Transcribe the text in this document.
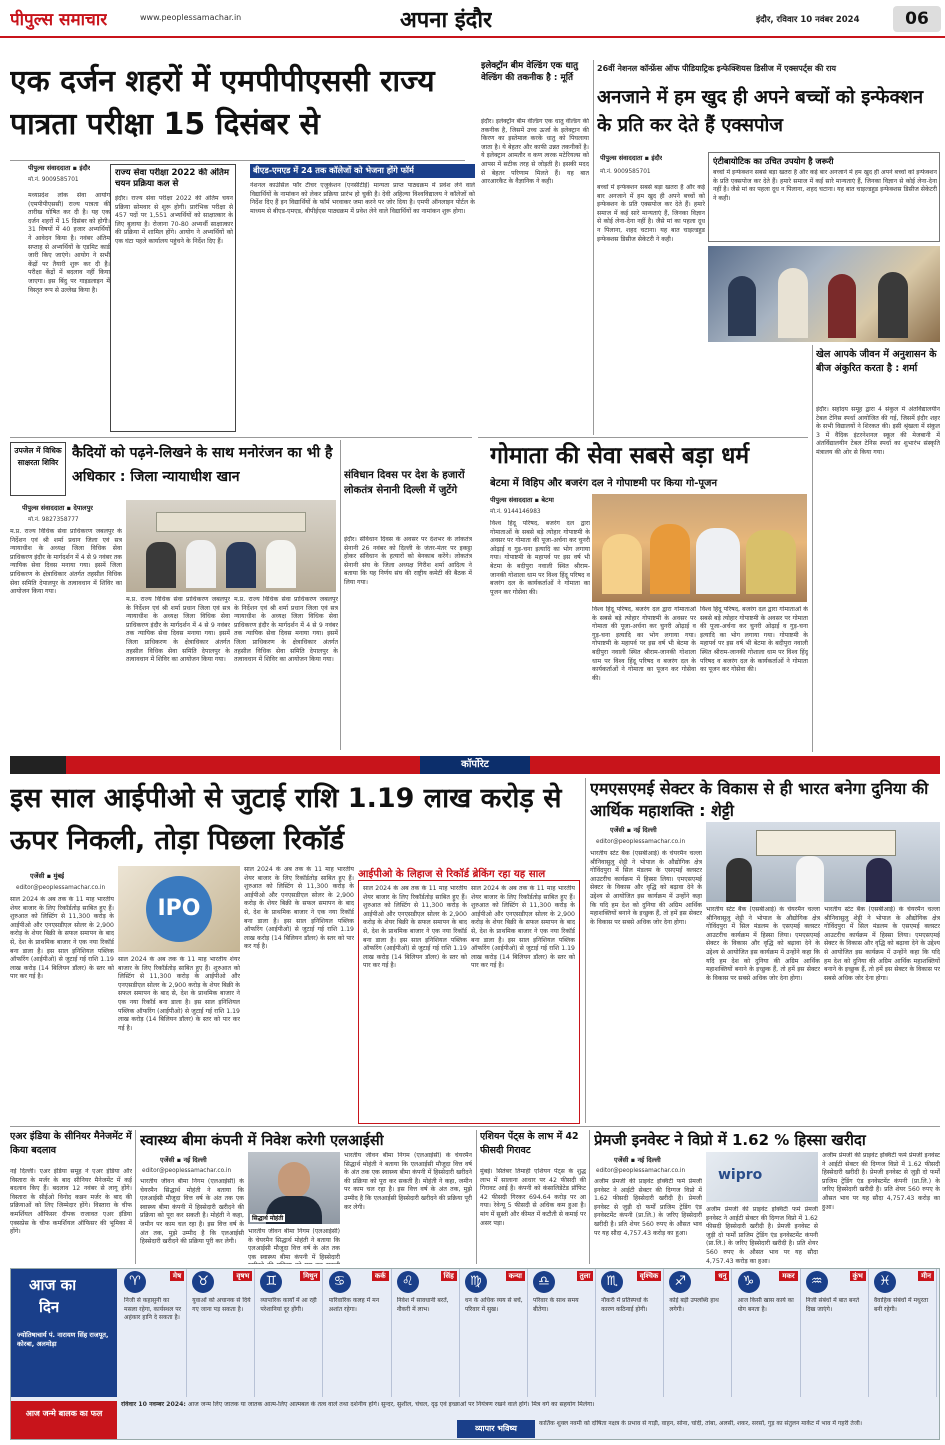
पीपुल्स समाचार	www.peoplessamachar.in	अपना इंदौर	इंदौर, रविवार 10 नवंबर 2024	06
एक दर्जन शहरों में एमपीपीएससी राज्य पात्रता परीक्षा 15 दिसंबर से
पीपुल्स संवाददाता ▪ इंदौर
मो.नं. 9009585701
मध्यप्रदेश लोक सेवा आयोग (एमपीपीएससी) राज्य पात्रता की तारीख घोषित कर दी है। यह एक दर्जन शहरों में 15 दिसंबर को होगी। 31 विषयों में 40 हजार अभ्यर्थियों ने आवेदन किया है। नवंबर अंतिम सप्ताह से अभ्यर्थियों के एडमिट कार्ड जारी किए जाएंगे। आयोग ने सभी केंद्रों पर तैयारी शुरू कर दी है। परीक्षा केंद्रों में बदलाव नहीं किया जाएगा। इस बिंदु पर गाइडलाइन में विस्तृत रूप से उल्लेख किया है।
राज्य सेवा परीक्षा 2022 की अंतिम चयन प्रक्रिया कल से
इंदौर। राज्य सेवा परीक्षा 2022 की अंतिम चयन प्रक्रिया सोमवार से शुरू होगी। प्रारंभिक परीक्षा से 457 पदों पर 1,551 अभ्यर्थियों को साक्षात्कार के लिए बुलाया है। रोजाना 70-80 अभ्यर्थी साक्षात्कार की प्रक्रिया में शामिल होंगे। आयोग ने अभ्यर्थियों को एक घंटा पहले कार्यालय पहुंचने के निर्देश दिए हैं।
बीएड-एमएड में 24 तक कॉलेजों को भेजना होंगे फॉर्म
नेशनल काउंसिल फॉर टीचर एजुकेशन (एनसीटीई) मान्यता प्राप्त पाठ्यक्रम में प्रवेश लेने वाले विद्यार्थियों के नामांकन को लेकर प्रक्रिया प्रारंभ हो चुकी है। देवी अहिल्या विश्वविद्यालय ने कॉलेजों को निर्देश दिए हैं इन विद्यार्थियों के फॉर्म भरवाकर जमा करने पर जोर दिया है। एमपी ऑनलाइन पोर्टल के माध्यम से बीएड-एमएड, बीपीईएस पाठ्यक्रम में प्रवेश लेने वाले विद्यार्थियों का नामांकन शुरू होगा।
इलेक्ट्रॉन बीम वेल्डिंग एक धातु वेल्डिंग की तकनीक है : मूर्ति
इंदौर। इलेक्ट्रॉन बीम वेल्डिंग एक धातु वेल्डिंग की तकनीक है, जिसमें उच्च ऊर्जा के इलेक्ट्रान की किरण का इस्तेमाल करके धातु को पिघलाया जाता है। ये बेहतर और काफी उन्नत तकनीकों है। ये इलेक्ट्रान आमतौर व कण त्वरक मटेरियल्स को आपस में सटीक तरह से जोड़ती है। इसकी मदद से बेहतर परिणाम मिलते हैं। यह बात आरआरकैट के वैज्ञानिक ने कही।
26वीं नेशनल कॉन्फ्रेंस ऑफ पीडियाट्रिक इन्फेक्शियस डिसीज में एक्सपर्ट्स की राय
अनजाने में हम खुद ही अपने बच्चों को इन्फेक्शन के प्रति कर देते हैं एक्सपोज
पीपुल्स संवाददाता ▪ इंदौर
मो.नं. 9009585701
बच्चों में इन्फेक्शन सबसे बड़ा खतरा है और कई बार अनजाने में हम खुद ही अपने बच्चों को इन्फेक्शन के प्रति एक्सपोज कर देते हैं। हमारे समाज में कई सारे मान्यताएं हैं, जिनका विज्ञान से कोई लेना-देना नहीं है। जैसे मां का पहला दूध न पिलाना, शहद चटाना। यह बात चाइल्डहुड इन्फेक्शस डिसीज सेकेटरी ने कही।
एंटीबायोटिक का उचित उपयोग है जरूरी
बच्चों में इन्फेक्शन सबसे बड़ा खतरा है और कई बार अनजाने में हम खुद ही अपने बच्चों को इन्फेक्शन के प्रति एक्सपोज कर देते हैं। हमारे समाज में कई सारे मान्यताएं हैं, जिनका विज्ञान से कोई लेना-देना नहीं है। जैसे मां का पहला दूध न पिलाना, शहद चटाना। यह बात चाइल्डहुड इन्फेक्शस डिसीज सेकेटरी ने कही।
गोमाता की सेवा सबसे बड़ा धर्म
बेटमा में विहिप और बजरंग दल ने गोपाष्टमी पर किया गो-पूजन
पीपुल्स संवाददाता ▪ बेटमा
मो.नं. 9144146983
विश्व हिंदू परिषद, बजरंग दल द्वारा गोमाताओं के सबसे बड़े त्योहार गोपाष्टमी के अवसर पर गोमाता की पूजा-अर्चना कर चुनरी ओढ़ाई व गुड़-चना इत्यादि का भोग लगाया गया। गोपाष्टमी के महापर्व पर इस वर्ष भी बेटमा के बदीपुरा नवाली स्थित श्रीराम-जानकी गोशाला धाम पर विश्व हिंदू परिषद व बजरंग दल के कार्यकर्ताओं ने गोमाता का पूजन कर गोसेवा की।
विश्व हिंदू परिषद, बजरंग दल द्वारा गोमाताओं के सबसे बड़े त्योहार गोपाष्टमी के अवसर पर गोमाता की पूजा-अर्चना कर चुनरी ओढ़ाई व गुड़-चना इत्यादि का भोग लगाया गया। गोपाष्टमी के महापर्व पर इस वर्ष भी बेटमा के बदीपुरा नवाली स्थित श्रीराम-जानकी गोशाला धाम पर विश्व हिंदू परिषद व बजरंग दल के कार्यकर्ताओं ने गोमाता का पूजन कर गोसेवा की।
विश्व हिंदू परिषद, बजरंग दल द्वारा गोमाताओं के सबसे बड़े त्योहार गोपाष्टमी के अवसर पर गोमाता की पूजा-अर्चना कर चुनरी ओढ़ाई व गुड़-चना इत्यादि का भोग लगाया गया। गोपाष्टमी के महापर्व पर इस वर्ष भी बेटमा के बदीपुरा नवाली स्थित श्रीराम-जानकी गोशाला धाम पर विश्व हिंदू परिषद व बजरंग दल के कार्यकर्ताओं ने गोमाता का पूजन कर गोसेवा की।
खेल आपके जीवन में अनुशासन के बीज अंकुरित करता है : शर्मा
इंदौर। सहोदय समूह द्वारा 4 संकुल में अंतर्विद्यालयीन टेबल टेनिस स्पर्धा आयोजित की गई, जिसमें इंदौर शहर के सभी विद्यालयों ने शिरकत की। इसी श्रृंखला में संकुल 3 में वैदिक इंटरनेशनल स्कूल की मेजबानी में अंतर्विद्यालयीन टेबल टेनिस स्पर्धा का शुभारंभ संस्कृति मंत्रालय की ओर से किया गया।
उपजेल में विधिक साक्षरता शिविर
कैदियों को पढ़ने-लिखने के साथ मनोरंजन का भी है अधिकार : जिला न्यायाधीश खान
पीपुल्स संवाददाता ▪ देपालपुर
मो.नं. 9827358777
म.प्र. राज्य विधिक सेवा प्राधिकरण जबलपुर के निर्देशन एवं श्री शर्मा प्रधान जिला एवं सत्र न्यायाधीश के अध्यक्ष जिला विधिक सेवा प्राधिकरण इंदौर के मार्गदर्शन में 4 से 9 नवंबर तक न्यायिक सेवा दिवस मनाया गया। इसमें जिला प्राधिकरण के क्षेत्राधिकार अंतर्गत तहसील विधिक सेवा समिति देपालपुर के तत्वावधान में शिविर का आयोजन किया गया।
म.प्र. राज्य विधिक सेवा प्राधिकरण जबलपुर के निर्देशन एवं श्री शर्मा प्रधान जिला एवं सत्र न्यायाधीश के अध्यक्ष जिला विधिक सेवा प्राधिकरण इंदौर के मार्गदर्शन में 4 से 9 नवंबर तक न्यायिक सेवा दिवस मनाया गया। इसमें जिला प्राधिकरण के क्षेत्राधिकार अंतर्गत तहसील विधिक सेवा समिति देपालपुर के तत्वावधान में शिविर का आयोजन किया गया।
म.प्र. राज्य विधिक सेवा प्राधिकरण जबलपुर के निर्देशन एवं श्री शर्मा प्रधान जिला एवं सत्र न्यायाधीश के अध्यक्ष जिला विधिक सेवा प्राधिकरण इंदौर के मार्गदर्शन में 4 से 9 नवंबर तक न्यायिक सेवा दिवस मनाया गया। इसमें जिला प्राधिकरण के क्षेत्राधिकार अंतर्गत तहसील विधिक सेवा समिति देपालपुर के तत्वावधान में शिविर का आयोजन किया गया।
संविधान दिवस पर देश के हजारों लोकतंत्र सेनानी दिल्ली में जुटेंगे
इंदौर। संविधान दिवस के अवसर पर देशभर के लोकतंत्र सेनानी 26 नवंबर को दिल्ली के जंतर-मंतर पर इकट्ठा होकर संविधान के हत्यारों को बेनकाब करेंगे। लोकतंत्र सेनानी संघ के जिला अध्यक्ष गिरीश शर्मा आदित्य ने बताया कि यह निर्णय संघ की राष्ट्रीय कमेटी की बैठक में लिया गया।
कॉर्पोरेट
इस साल आईपीओ से जुटाई राशि 1.19 लाख करोड़ से ऊपर निकली, तोड़ा पिछला रिकॉर्ड
एजेंसी ▪ मुंबई
editor@peoplessamachar.co.in
साल 2024 के अब तक के 11 माह भारतीय शेयर बाजार के लिए रिकॉर्डतोड़ साबित हुए हैं। शुरुआत को लिस्टिंग से 11,300 करोड़ के आईपीओ और एनएसडीएल सोलर के 2,900 करोड़ के शेयर बिक्री के सफल समापन के बाद से, देश के प्राथमिक बाजार ने एक नया रिकॉर्ड बना डाला है। इस साल इनिशियल पब्लिक ऑफरिंग (आईपीओ) से जुटाई गई राशि 1.19 लाख करोड़ (14 बिलियन डॉलर) के स्तर को पार कर गई है।
IPO
साल 2024 के अब तक के 11 माह भारतीय शेयर बाजार के लिए रिकॉर्डतोड़ साबित हुए हैं। शुरुआत को लिस्टिंग से 11,300 करोड़ के आईपीओ और एनएसडीएल सोलर के 2,900 करोड़ के शेयर बिक्री के सफल समापन के बाद से, देश के प्राथमिक बाजार ने एक नया रिकॉर्ड बना डाला है। इस साल इनिशियल पब्लिक ऑफरिंग (आईपीओ) से जुटाई गई राशि 1.19 लाख करोड़ (14 बिलियन डॉलर) के स्तर को पार कर गई है।
साल 2024 के अब तक के 11 माह भारतीय शेयर बाजार के लिए रिकॉर्डतोड़ साबित हुए हैं। शुरुआत को लिस्टिंग से 11,300 करोड़ के आईपीओ और एनएसडीएल सोलर के 2,900 करोड़ के शेयर बिक्री के सफल समापन के बाद से, देश के प्राथमिक बाजार ने एक नया रिकॉर्ड बना डाला है। इस साल इनिशियल पब्लिक ऑफरिंग (आईपीओ) से जुटाई गई राशि 1.19 लाख करोड़ (14 बिलियन डॉलर) के स्तर को पार कर गई है।
आईपीओ के लिहाज से रिकॉर्ड ब्रेकिंग रहा यह साल
साल 2024 के अब तक के 11 माह भारतीय शेयर बाजार के लिए रिकॉर्डतोड़ साबित हुए हैं। शुरुआत को लिस्टिंग से 11,300 करोड़ के आईपीओ और एनएसडीएल सोलर के 2,900 करोड़ के शेयर बिक्री के सफल समापन के बाद से, देश के प्राथमिक बाजार ने एक नया रिकॉर्ड बना डाला है। इस साल इनिशियल पब्लिक ऑफरिंग (आईपीओ) से जुटाई गई राशि 1.19 लाख करोड़ (14 बिलियन डॉलर) के स्तर को पार कर गई है।
साल 2024 के अब तक के 11 माह भारतीय शेयर बाजार के लिए रिकॉर्डतोड़ साबित हुए हैं। शुरुआत को लिस्टिंग से 11,300 करोड़ के आईपीओ और एनएसडीएल सोलर के 2,900 करोड़ के शेयर बिक्री के सफल समापन के बाद से, देश के प्राथमिक बाजार ने एक नया रिकॉर्ड बना डाला है। इस साल इनिशियल पब्लिक ऑफरिंग (आईपीओ) से जुटाई गई राशि 1.19 लाख करोड़ (14 बिलियन डॉलर) के स्तर को पार कर गई है।
एमएसएमई सेक्टर के विकास से ही भारत बनेगा दुनिया की आर्थिक महाशक्ति : शेट्टी
एजेंसी ▪ नई दिल्ली
editor@peoplessamachar.co.in
भारतीय स्टेट बैंक (एसबीआई) के चेयरमैन चल्ला श्रीनिवासुलु शेट्टी ने भोपाल के औद्योगिक क्षेत्र गोविंदपुरा में सिल मंडलम के एसएमई क्लस्टर आउटरीच कार्यक्रम में हिस्सा लिया। एमएसएमई सेक्टर के विकास और वृद्धि को बढ़ावा देने के उद्देश्य से आयोजित इस कार्यक्रम में उन्होंने कहा कि यदि हम देश को दुनिया की अग्रिम आर्थिक महाशक्तियों बनाने के इच्छुक हैं, तो हमें इस सेक्टर के विकास पर सबसे अधिक जोर देना होगा।
भारतीय स्टेट बैंक (एसबीआई) के चेयरमैन चल्ला श्रीनिवासुलु शेट्टी ने भोपाल के औद्योगिक क्षेत्र गोविंदपुरा में सिल मंडलम के एसएमई क्लस्टर आउटरीच कार्यक्रम में हिस्सा लिया। एमएसएमई सेक्टर के विकास और वृद्धि को बढ़ावा देने के उद्देश्य से आयोजित इस कार्यक्रम में उन्होंने कहा कि यदि हम देश को दुनिया की अग्रिम आर्थिक महाशक्तियों बनाने के इच्छुक हैं, तो हमें इस सेक्टर के विकास पर सबसे अधिक जोर देना होगा।
भारतीय स्टेट बैंक (एसबीआई) के चेयरमैन चल्ला श्रीनिवासुलु शेट्टी ने भोपाल के औद्योगिक क्षेत्र गोविंदपुरा में सिल मंडलम के एसएमई क्लस्टर आउटरीच कार्यक्रम में हिस्सा लिया। एमएसएमई सेक्टर के विकास और वृद्धि को बढ़ावा देने के उद्देश्य से आयोजित इस कार्यक्रम में उन्होंने कहा कि यदि हम देश को दुनिया की अग्रिम आर्थिक महाशक्तियों बनाने के इच्छुक हैं, तो हमें इस सेक्टर के विकास पर सबसे अधिक जोर देना होगा।
एअर इंडिया के सीनियर मैनेजमेंट में किया बदलाव
नई दिल्ली। एअर इंडिया समूह ने एअर इंडिया और विस्तारा के मर्जर के बाद सीनियर मैनेजमेंट में कई बदलाव किए हैं। बदलाव 12 नवंबर से लागू होंगे। विस्तारा के सीईओ विनोद कन्नन मर्जर के बाद की प्रक्रियाओं को लिए जिम्मेदार होंगे। विस्तारा के चीफ कमर्शियल ऑफिसर दीपक राजावत एअर इंडिया एक्सप्रेस के चीफ कमर्शियल ऑफिसर की भूमिका में होंगे।
स्वास्थ्य बीमा कंपनी में निवेश करेगी एलआईसी
एजेंसी ▪ नई दिल्ली
editor@peoplessamachar.co.in
भारतीय जीवन बीमा निगम (एलआईसी) के चेयरमैन सिद्धार्थ मोहंती ने बताया कि एलआईसी मौजूदा वित्त वर्ष के अंत तक एक स्वास्थ्य बीमा कंपनी में हिस्सेदारी खरीदने की प्रक्रिया को पूरा कर सकती है। मोहंती ने कहा, जमीन पर काम चल रहा है। इस वित्त वर्ष के अंत तक, मुझे उम्मीद है कि एलआईसी हिस्सेदारी खरीदने की प्रक्रिया पूरी कर लेगी।
सिद्धार्थ मोहंती
भारतीय जीवन बीमा निगम (एलआईसी) के चेयरमैन सिद्धार्थ मोहंती ने बताया कि एलआईसी मौजूदा वित्त वर्ष के अंत तक एक स्वास्थ्य बीमा कंपनी में हिस्सेदारी
भारतीय जीवन बीमा निगम (एलआईसी) के चेयरमैन सिद्धार्थ मोहंती ने बताया कि एलआईसी मौजूदा वित्त वर्ष के अंत तक एक स्वास्थ्य बीमा कंपनी में हिस्सेदारी खरीदने की प्रक्रिया को पूरा कर सकती है। मोहंती ने कहा, जमीन पर काम चल रहा है। इस वित्त वर्ष के अंत तक, मुझे उम्मीद है कि एलआईसी हिस्सेदारी खरीदने की प्रक्रिया पूरी कर लेगी।
एशियन पेंट्स के लाभ में 42 फीसदी गिरावट
मुंबई। सितंबर तिमाही एशियन पेंट्स के शुद्ध लाभ में सालाना आधार पर 42 फीसदी की गिरावट आई है। कंपनी को कंसालिडेटेड प्रॉफिट 42 फीसदी गिरकर 694.64 करोड़ पर आ गया। रेवेन्यू 5 फीसदी से अधिक कम हुआ है। मांग में सुस्ती और कीमत में कटौती से कमाई पर असर पड़ा।
प्रेमजी इनवेस्ट ने विप्रो में 1.62 % हिस्सा खरीदा
एजेंसी ▪ नई दिल्ली
editor@peoplessamachar.co.in
अजीम प्रेमजी की प्राइवेट इक्विटी फर्म प्रेमजी इनवेस्ट ने आईटी सेक्टर की दिग्गज विप्रो में 1.62 फीसदी हिस्सेदारी खरीदी है। प्रेमजी इनवेस्ट से जुड़ी दो फर्मों प्राजिम ट्रेडिंग एंड इनवेस्टमेंट कंपनी (प्रा.लि.) के जरिए हिस्सेदारी खरीदी है। प्रति शेयर 560 रुपए के औसत भाव पर यह सौदा 4,757.43 करोड़ का हुआ।
wipro
अजीम प्रेमजी की प्राइवेट इक्विटी फर्म प्रेमजी इनवेस्ट ने आईटी सेक्टर की दिग्गज विप्रो में 1.62 फीसदी हिस्सेदारी खरीदी है। प्रेमजी इनवेस्ट से जुड़ी दो फर्मों प्राजिम ट्रेडिंग एंड इनवेस्टमेंट कंपनी (प्रा.लि.) के जरिए हिस्सेदारी खरीदी है। प्रति शेयर 560 रुपए के औसत भाव पर यह सौदा 4,757.43 करोड़ का हुआ।
अजीम प्रेमजी की प्राइवेट इक्विटी फर्म प्रेमजी इनवेस्ट ने आईटी सेक्टर की दिग्गज विप्रो में 1.62 फीसदी हिस्सेदारी खरीदी है। प्रेमजी इनवेस्ट से जुड़ी दो फर्मों प्राजिम ट्रेडिंग एंड इनवेस्टमेंट कंपनी (प्रा.लि.) के जरिए हिस्सेदारी खरीदी है। प्रति शेयर 560 रुपए के औसत भाव पर यह सौदा 4,757.43 करोड़ का हुआ।
आज का
दिन
ज्योतिषाचार्य पं. नारायण सिंह राजपूत, कोरबा, अलमोड़ा
आज जन्मे बालक का फल
♈	मेष
निजी से कहासुनी का मसला रहेगा, कार्यस्थल पर अहंकार हानि दे सकता है।
♉	वृषभ
युवाओं को अचानक से दिये गए जाना पड़ सकता है।
♊	मिथुन
व्यापारिक कार्यों में आ रही परेशानियां दूर होंगी।
♋	कर्क
पारिवारिक कलह में मन अशांत रहेगा।
♌	सिंह
निवेश में सावधानी बरतें, नौकरी में लाभ।
♍	कन्या
धन के अधिक व्यय से बचें, परिवार में सुख।
♎	तुला
परिवार के साथ समय बीतेगा।
♏	वृश्चिक
नौकरी में प्रतिस्पर्धा के कारण कठिनाई होगी।
♐	धनु
कोई बड़ी उपलब्धि हाथ लगेगी।
♑	मकर
आज किसी खास कार्य का योग बनता है।
♒	कुंभ
निजी संबंधों में बात बनते दिख जाएंगे।
♓	मीन
वैवाहिक संबंधों में मधुरता बनी रहेगी।
रविवार 10 नवम्बर 2024: आज जन्म लिए जातक या जातक आत्म-लिए आत्मबल के तत्व वाले तथा दर्शनीय होंगे। सुन्दर, सुशील, चंचल, दृढ़ एवं इच्छाओं पर नियंत्रण रखने वाले होंगे। मित्र वर्ग का सहयोग मिलेगा।
व्यापार भविष्य
कार्तिक शुक्ल नवमी को दोषिता नक्षत्र के प्रभाव से गाड़ी, वाहन, सोना, चांदी, तांबा, अलसी, शकर, सरसों, गुड़ का संतुलन मार्केट में भाव में गहरी तेजी।
